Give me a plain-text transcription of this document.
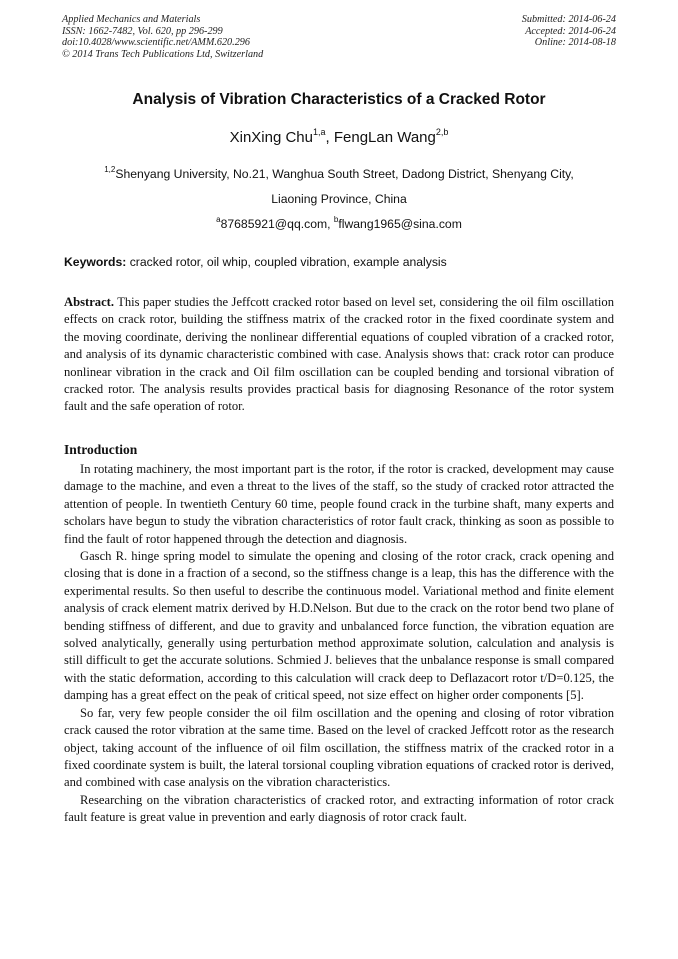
Applied Mechanics and Materials
ISSN: 1662-7482, Vol. 620, pp 296-299
doi:10.4028/www.scientific.net/AMM.620.296
© 2014 Trans Tech Publications Ltd, Switzerland
Submitted: 2014-06-24
Accepted: 2014-06-24
Online: 2014-08-18
Analysis of Vibration Characteristics of a Cracked Rotor
XinXing Chu$^{1,a}$, FengLan Wang$^{2,b}$
$^{1,2}$Shenyang University, No.21, Wanghua South Street, Dadong District, Shenyang City,
Liaoning Province, China
$^a$87685921@qq.com, $^b$flwang1965@sina.com
Keywords: cracked rotor, oil whip, coupled vibration, example analysis

Abstract. This paper studies the Jeffcott cracked rotor based on level set, considering the oil film oscillation effects on crack rotor, building the stiffness matrix of the cracked rotor in the fixed coordinate system and the moving coordinate, deriving the nonlinear differential equations of coupled vibration of a cracked rotor, and analysis of its dynamic characteristic combined with case. Analysis shows that: crack rotor can produce nonlinear vibration in the crack and Oil film oscillation can be coupled bending and torsional vibration of cracked rotor. The analysis results provides practical basis for diagnosing Resonance of the rotor system fault and the safe operation of rotor.

Introduction

In rotating machinery, the most important part is the rotor, if the rotor is cracked, development may cause damage to the machine, and even a threat to the lives of the staff, so the study of cracked rotor attracted the attention of people. In twentieth Century 60 time, people found crack in the turbine shaft, many experts and scholars have begun to study the vibration characteristics of rotor fault crack, thinking as soon as possible to find the fault of rotor happened through the detection and diagnosis.

Gasch R. hinge spring model to simulate the opening and closing of the rotor crack, crack opening and closing that is done in a fraction of a second, so the stiffness change is a leap, this has the difference with the experimental results. So then useful to describe the continuous model. Variational method and finite element analysis of crack element matrix derived by H.D.Nelson. But due to the crack on the rotor bend two plane of bending stiffness of different, and due to gravity and unbalanced force function, the vibration equation are solved analytically, generally using perturbation method approximate solution, calculation and analysis is still difficult to get the accurate solutions. Schmied J. believes that the unbalance response is small compared with the static deformation, according to this calculation will crack deep to Deflazacort rotor t/D=0.125, the damping has a great effect on the peak of critical speed, not size effect on higher order components [5].

So far, very few people consider the oil film oscillation and the opening and closing of rotor vibration crack caused the rotor vibration at the same time. Based on the level of cracked Jeffcott rotor as the research object, taking account of the influence of oil film oscillation, the stiffness matrix of the cracked rotor in a fixed coordinate system is built, the lateral torsional coupling vibration equations of cracked rotor is derived, and combined with case analysis on the vibration characteristics.

Researching on the vibration characteristics of cracked rotor, and extracting information of rotor crack fault feature is great value in prevention and early diagnosis of rotor crack fault.
